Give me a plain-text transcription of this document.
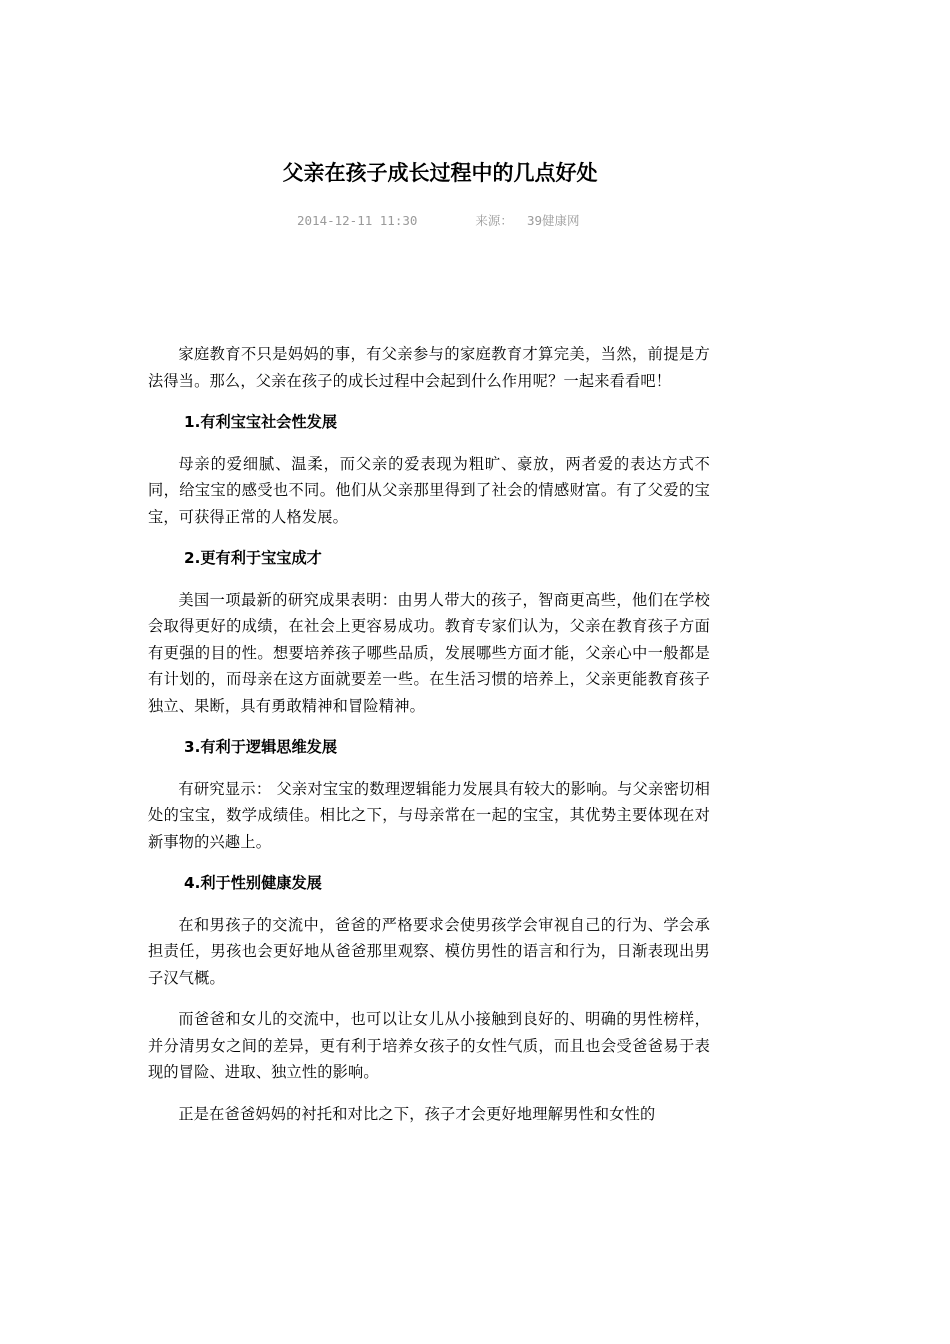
父亲在孩子成长过程中的几点好处
2014-12-11 11:30	来源： 39健康网

家庭教育不只是妈妈的事，有父亲参与的家庭教育才算完美，当然，前提是方法得当。那么，父亲在孩子的成长过程中会起到什么作用呢？一起来看看吧！

1.有利宝宝社会性发展

母亲的爱细腻、温柔，而父亲的爱表现为粗旷、豪放，两者爱的表达方式不同，给宝宝的感受也不同。他们从父亲那里得到了社会的情感财富。有了父爱的宝宝，可获得正常的人格发展。

2.更有利于宝宝成才

美国一项最新的研究成果表明：由男人带大的孩子，智商更高些，他们在学校会取得更好的成绩，在社会上更容易成功。教育专家们认为，父亲在教育孩子方面有更强的目的性。想要培养孩子哪些品质，发展哪些方面才能，父亲心中一般都是有计划的，而母亲在这方面就要差一些。在生活习惯的培养上，父亲更能教育孩子独立、果断，具有勇敢精神和冒险精神。

3.有利于逻辑思维发展

有研究显示： 父亲对宝宝的数理逻辑能力发展具有较大的影响。与父亲密切相处的宝宝，数学成绩佳。相比之下，与母亲常在一起的宝宝，其优势主要体现在对新事物的兴趣上。

4.利于性别健康发展

在和男孩子的交流中，爸爸的严格要求会使男孩学会审视自己的行为、学会承担责任，男孩也会更好地从爸爸那里观察、模仿男性的语言和行为，日渐表现出男子汉气概。

而爸爸和女儿的交流中，也可以让女儿从小接触到良好的、明确的男性榜样，并分清男女之间的差异，更有利于培养女孩子的女性气质，而且也会受爸爸易于表现的冒险、进取、独立性的影响。

正是在爸爸妈妈的衬托和对比之下，孩子才会更好地理解男性和女性的
